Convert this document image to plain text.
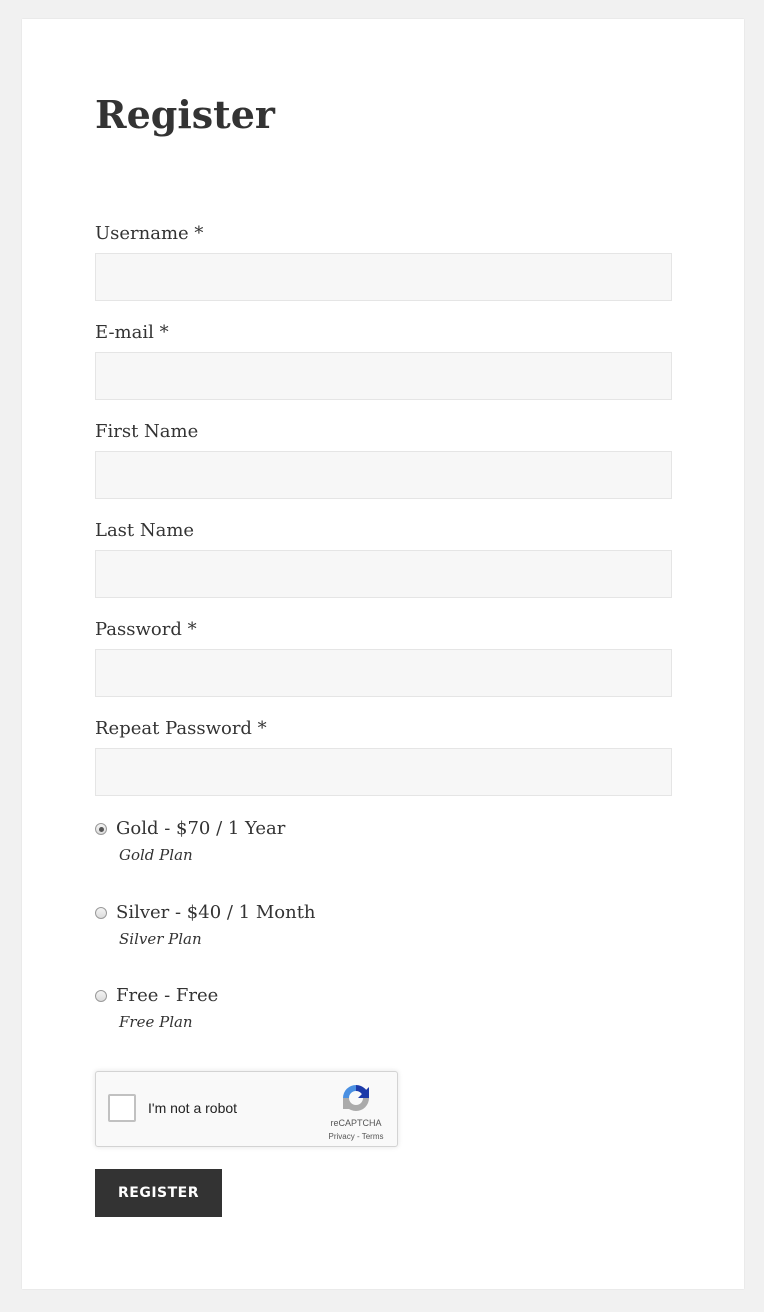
Register
Username *
E-mail *
First Name
Last Name
Password *
Repeat Password *
Gold - $70 / 1 Year
Gold Plan
Silver - $40 / 1 Month
Silver Plan
Free - Free
Free Plan
I'm not a robot
reCAPTCHA
Privacy - Terms
REGISTER
